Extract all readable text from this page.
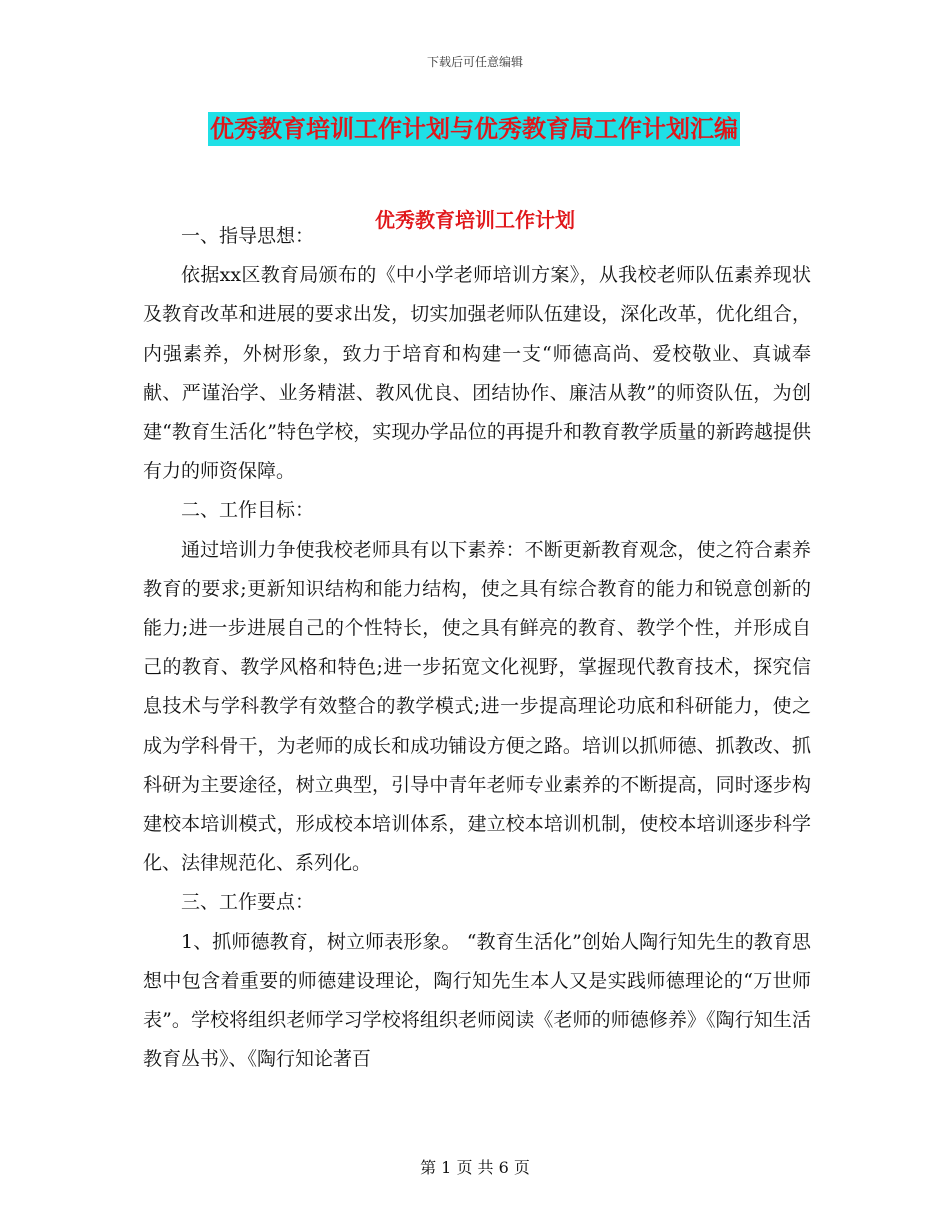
下载后可任意编辑
优秀教育培训工作计划与优秀教育局工作计划汇编
优秀教育培训工作计划

一、指导思想：

依据xx区教育局颁布的《中小学老师培训方案》，从我校老师队伍素养现状及教育改革和进展的要求出发，切实加强老师队伍建设，深化改革，优化组合，内强素养，外树形象，致力于培育和构建一支“师德高尚、爱校敬业、真诚奉献、严谨治学、业务精湛、教风优良、团结协作、廉洁从教”的师资队伍，为创建“教育生活化”特色学校，实现办学品位的再提升和教育教学质量的新跨越提供有力的师资保障。

二、工作目标：

通过培训力争使我校老师具有以下素养：不断更新教育观念，使之符合素养教育的要求;更新知识结构和能力结构，使之具有综合教育的能力和锐意创新的能力;进一步进展自己的个性特长，使之具有鲜亮的教育、教学个性，并形成自己的教育、教学风格和特色;进一步拓宽文化视野，掌握现代教育技术，探究信息技术与学科教学有效整合的教学模式;进一步提高理论功底和科研能力，使之成为学科骨干，为老师的成长和成功铺设方便之路。培训以抓师德、抓教改、抓科研为主要途径，树立典型，引导中青年老师专业素养的不断提高，同时逐步构建校本培训模式，形成校本培训体系，建立校本培训机制，使校本培训逐步科学化、法律规范化、系列化。

三、工作要点：

1、抓师德教育，树立师表形象。 “教育生活化”创始人陶行知先生的教育思想中包含着重要的师德建设理论，陶行知先生本人又是实践师德理论的“万世师表”。学校将组织老师学习学校将组织老师阅读《老师的师德修养》《陶行知生活教育丛书》、《陶行知论著百

第 1 页 共 6 页
